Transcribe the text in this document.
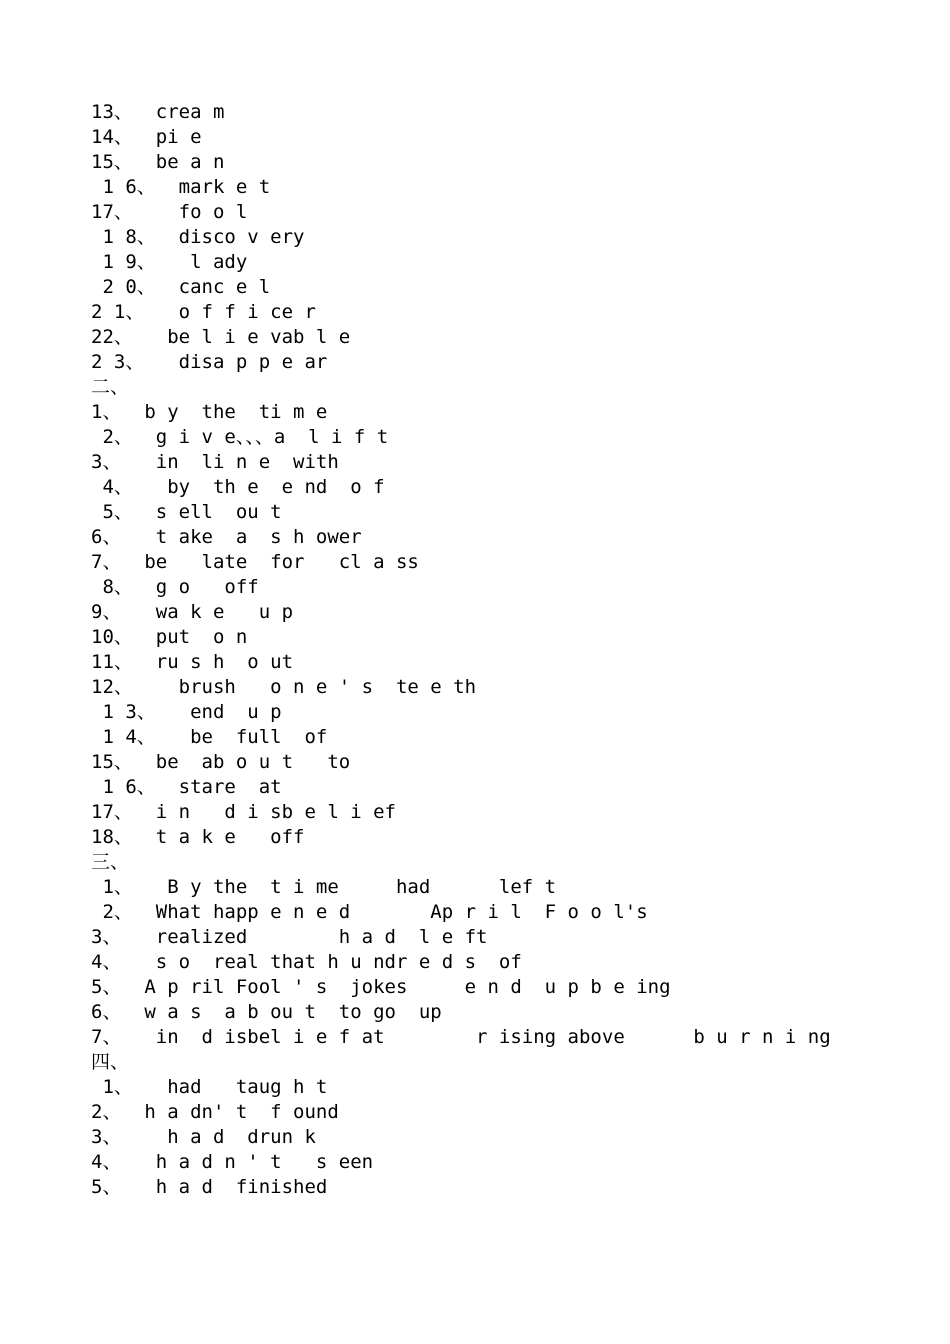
13、  crea m
14、  pi e
15、  be a n
1 6、  mark e t
17、    fo o l
1 8、  disco v ery
1 9、   l ady
2 0、  canc e l
2 1、   o f f i ce r
22、   be l i e vab l e
2 3、   disa p p e ar
二、
1、  b y  the  ti m e
2、  g i v e、、、a  l i f t
3、   in  li n e  with
4、   by  th e  e nd  o f
5、  s ell  ou t
6、   t ake  a  s h ower
7、  be   late  for   cl a ss
8、  g o   off
9、   wa k e   u p
10、  put  o n
11、  ru s h  o ut
12、    brush   o n e ' s  te e th
1 3、   end  u p
1 4、   be  full  of
15、  be  ab o u t   to
1 6、  stare  at
17、  i n   d i sb e l i ef
18、  t a k e   off
三、
1、   B y the  t i me     had      lef t
2、  What happ e n e d       Ap r i l  F o o l's
3、   realized        h a d  l e ft
4、   s o  real that h u ndr e d s  of
5、  A p ril Fool ' s  jokes     e n d  u p b e ing
6、  w a s  a b ou t  to go  up
7、   in  d isbel i e f at        r ising above      b u r n i ng
四、
1、   had   taug h t
2、  h a dn' t  f ound
3、    h a d  drun k
4、   h a d n ' t   s een
5、   h a d  finished
